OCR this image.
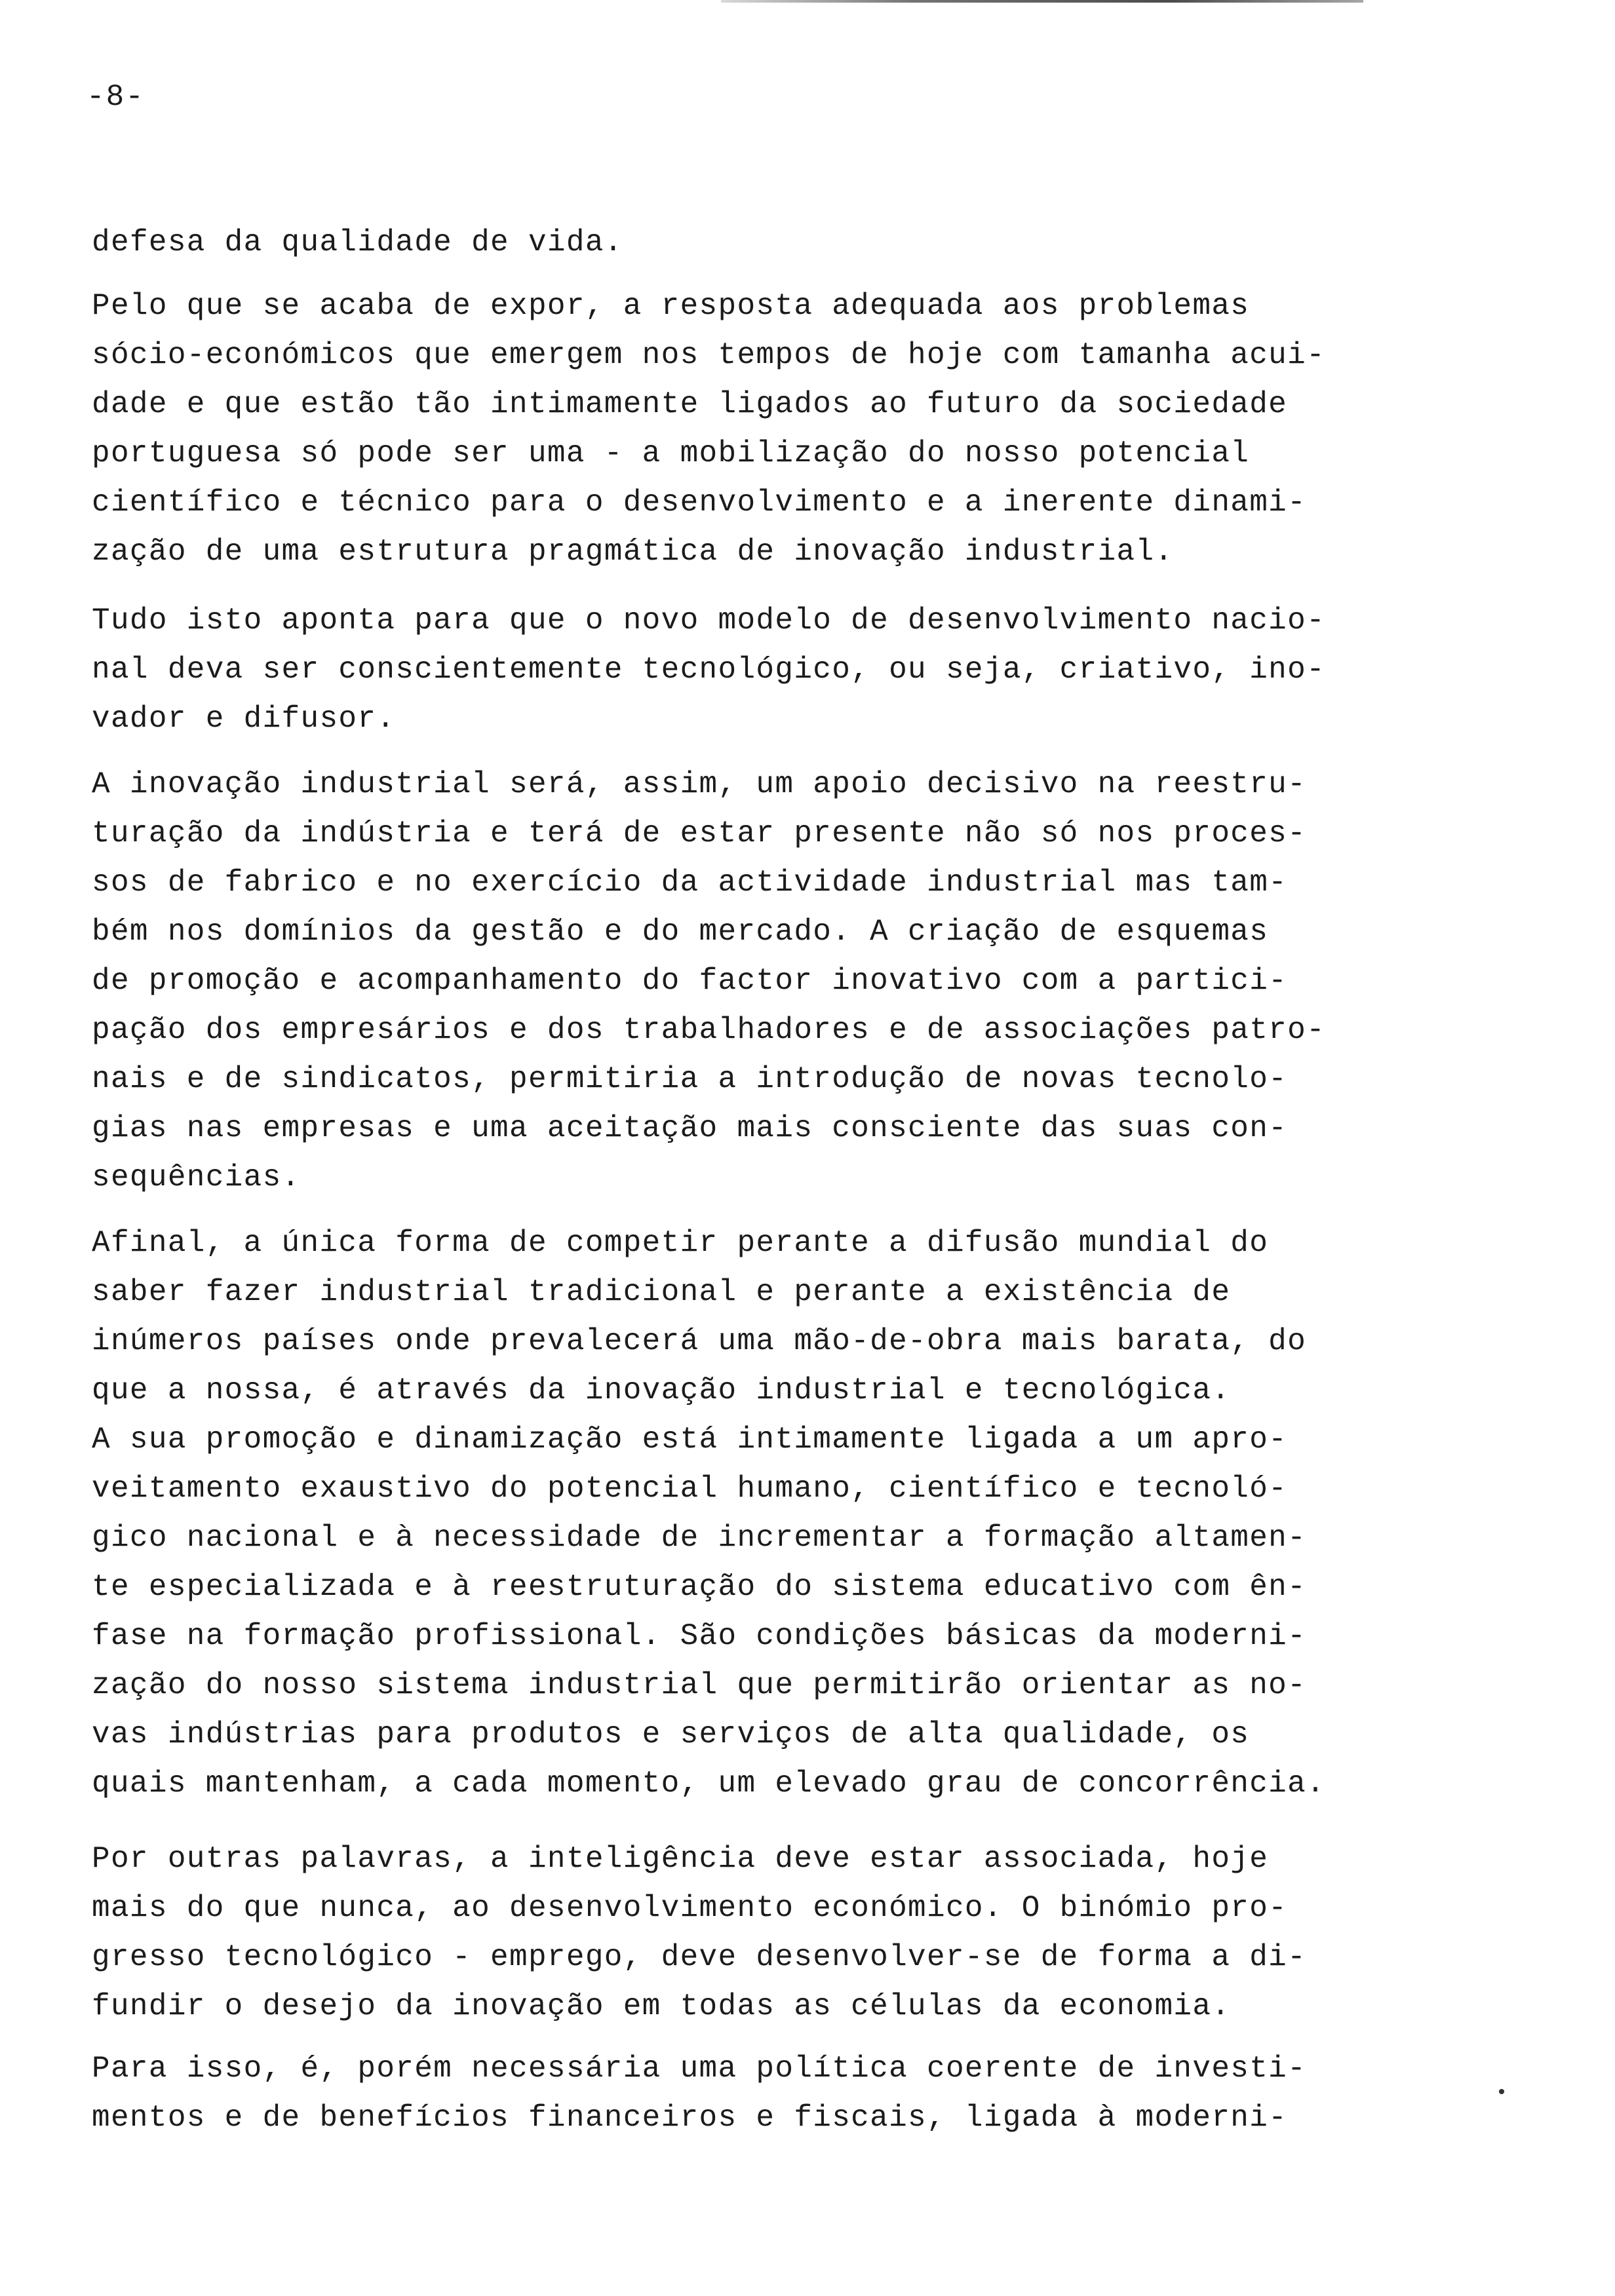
-8-
defesa da qualidade de vida.
Pelo que se acaba de expor, a resposta adequada aos problemas
sócio-económicos que emergem nos tempos de hoje com tamanha acui-
dade e que estão tão intimamente ligados ao futuro da sociedade
portuguesa só pode ser uma - a mobilização do nosso potencial
científico e técnico para o desenvolvimento e a inerente dinami-
zação de uma estrutura pragmática de inovação industrial.
Tudo isto aponta para que o novo modelo de desenvolvimento nacio-
nal deva ser conscientemente tecnológico, ou seja, criativo, ino-
vador e difusor.
A inovação industrial será, assim, um apoio decisivo na reestru-
turação da indústria e terá de estar presente não só nos proces-
sos de fabrico e no exercício da actividade industrial mas tam-
bém nos domínios da gestão e do mercado. A criação de esquemas
de promoção e acompanhamento do factor inovativo com a partici-
pação dos empresários e dos trabalhadores e de associações patro-
nais e de sindicatos, permitiria a introdução de novas tecnolo-
gias nas empresas e uma aceitação mais consciente das suas con-
sequências.
Afinal, a única forma de competir perante a difusão mundial do
saber fazer industrial tradicional e perante a existência de
inúmeros países onde prevalecerá uma mão-de-obra mais barata, do
que a nossa, é através da inovação industrial e tecnológica.
A sua promoção e dinamização está intimamente ligada a um apro-
veitamento exaustivo do potencial humano, científico e tecnoló-
gico nacional e à necessidade de incrementar a formação altamen-
te especializada e à reestruturação do sistema educativo com ên-
fase na formação profissional. São condições básicas da moderni-
zação do nosso sistema industrial que permitirão orientar as no-
vas indústrias para produtos e serviços de alta qualidade, os
quais mantenham, a cada momento, um elevado grau de concorrência.
Por outras palavras, a inteligência deve estar associada, hoje
mais do que nunca, ao desenvolvimento económico. O binómio pro-
gresso tecnológico - emprego, deve desenvolver-se de forma a di-
fundir o desejo da inovação em todas as células da economia.
Para isso, é, porém necessária uma política coerente de investi-
mentos e de benefícios financeiros e fiscais, ligada à moderni-
•
